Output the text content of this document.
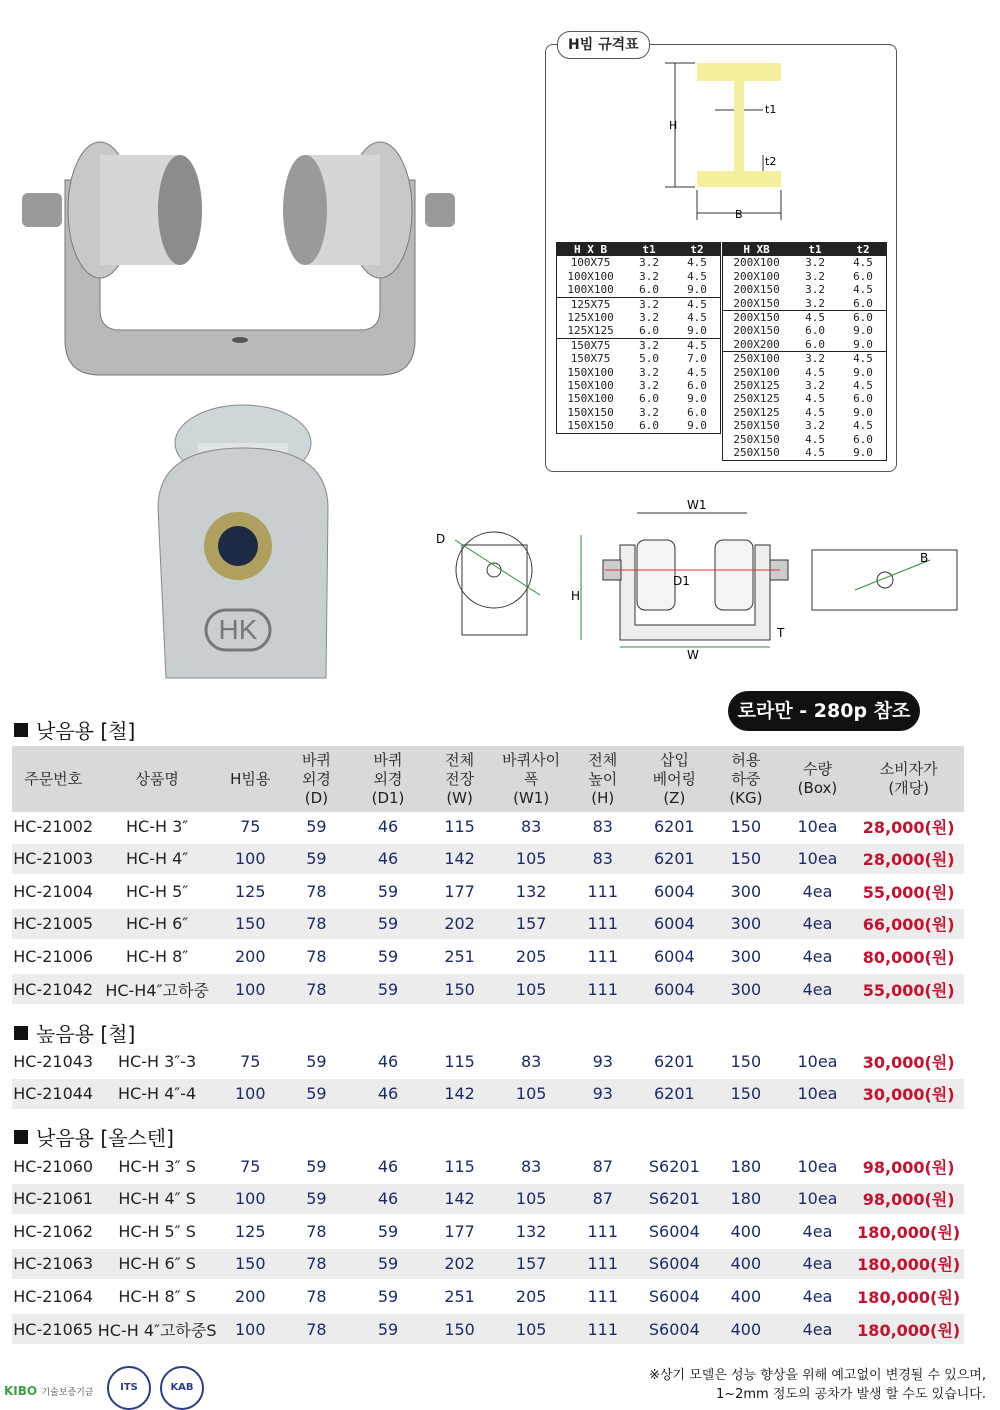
HK
H빔 규격표
H
B
t1
t2
H X B	t1	t2
100X75	3.2	4.5
100X100	3.2	4.5
100X100	6.0	9.0
125X75	3.2	4.5
125X100	3.2	4.5
125X125	6.0	9.0
150X75	3.2	4.5
150X75	5.0	7.0
150X100	3.2	4.5
150X100	3.2	6.0
150X100	6.0	9.0
150X150	3.2	6.0
150X150	6.0	9.0
H XB	t1	t2
200X100	3.2	4.5
200X100	3.2	6.0
200X150	3.2	4.5
200X150	3.2	6.0
200X150	4.5	6.0
200X150	6.0	9.0
200X200	6.0	9.0
250X100	3.2	4.5
250X100	4.5	9.0
250X125	3.2	4.5
250X125	4.5	6.0
250X125	4.5	9.0
250X150	3.2	4.5
250X150	4.5	6.0
250X150	4.5	9.0
D
W1
H
D1
W
T
B
로라만 - 280p 참조
낮음용 [철]
주문번호	상품명	H빔용
바퀴
외경
(D)
바퀴
외경
(D1)
전체
전장
(W)
바퀴사이
폭
(W1)
전체
높이
(H)
삽입
베어링
(Z)
허용
하중
(KG)
수량
(Box)
소비자가
(개당)
HC-21002	HC-H 3″	75	59	46	115	83	83	6201	150	10ea	28,000(원)
HC-21003	HC-H 4″	100	59	46	142	105	83	6201	150	10ea	28,000(원)
HC-21004	HC-H 5″	125	78	59	177	132	111	6004	300	4ea	55,000(원)
HC-21005	HC-H 6″	150	78	59	202	157	111	6004	300	4ea	66,000(원)
HC-21006	HC-H 8″	200	78	59	251	205	111	6004	300	4ea	80,000(원)
HC-21042 HC-H4″고하중	100	78	59	150	105	111	6004	300	4ea	55,000(원)
높음용 [철]
HC-21043	HC-H 3″-3	75	59	46	115	83	93	6201	150	10ea	30,000(원)
HC-21044	HC-H 4″-4	100	59	46	142	105	93	6201	150	10ea	30,000(원)
낮음용 [올스텐]
HC-21060	HC-H 3″ S	75	59	46	115	83	87	S6201	180	10ea	98,000(원)
HC-21061	HC-H 4″ S	100	59	46	142	105	87	S6201	180	10ea	98,000(원)
HC-21062	HC-H 5″ S	125	78	59	177	132	111	S6004	400	4ea	180,000(원)
HC-21063	HC-H 6″ S	150	78	59	202	157	111	S6004	400	4ea	180,000(원)
HC-21064	HC-H 8″ S	200	78	59	251	205	111	S6004	400	4ea	180,000(원)
HC-21065 HC-H 4″고하중S	100	78	59	150	105	111	S6004	400	4ea	180,000(원)
KIBO 기술보증기금	ITS	KAB
※상기 모델은 성능 향상을 위해 예고없이 변경될 수 있으며,
1~2mm 정도의 공차가 발생 할 수도 있습니다.
